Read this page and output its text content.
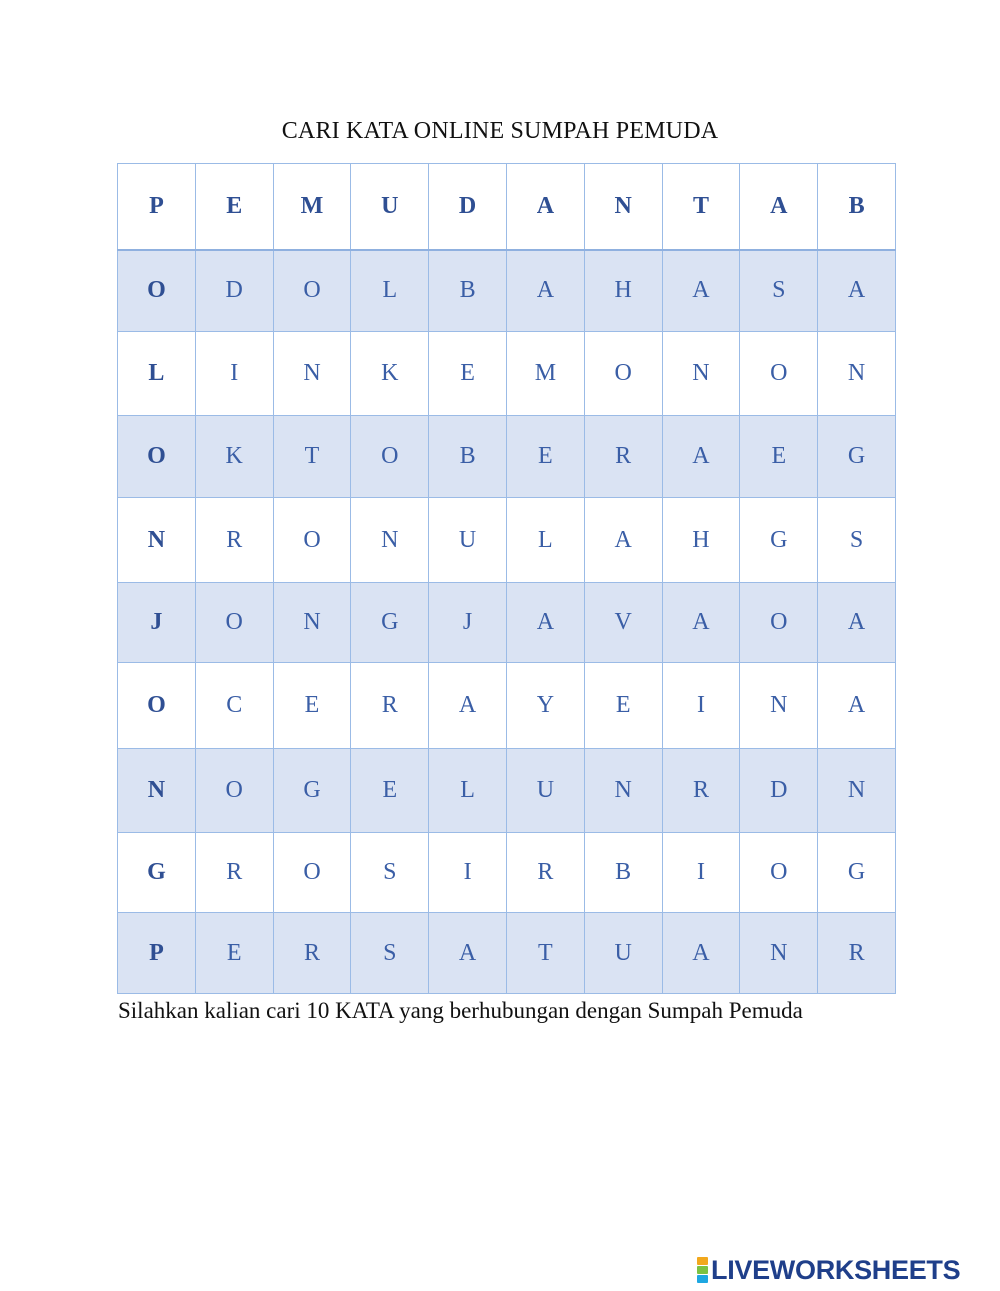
CARI KATA ONLINE SUMPAH PEMUDA
P	E	M	U	D	A	N	T	A	B
O	D	O	L	B	A	H	A	S	A
L	I	N	K	E	M	O	N	O	N
O	K	T	O	B	E	R	A	E	G
N	R	O	N	U	L	A	H	G	S
J	O	N	G	J	A	V	A	O	A
O	C	E	R	A	Y	E	I	N	A
N	O	G	E	L	U	N	R	D	N
G	R	O	S	I	R	B	I	O	G
P	E	R	S	A	T	U	A	N	R
Silahkan kalian cari 10 KATA yang berhubungan dengan Sumpah Pemuda
LIVEWORKSHEETS
